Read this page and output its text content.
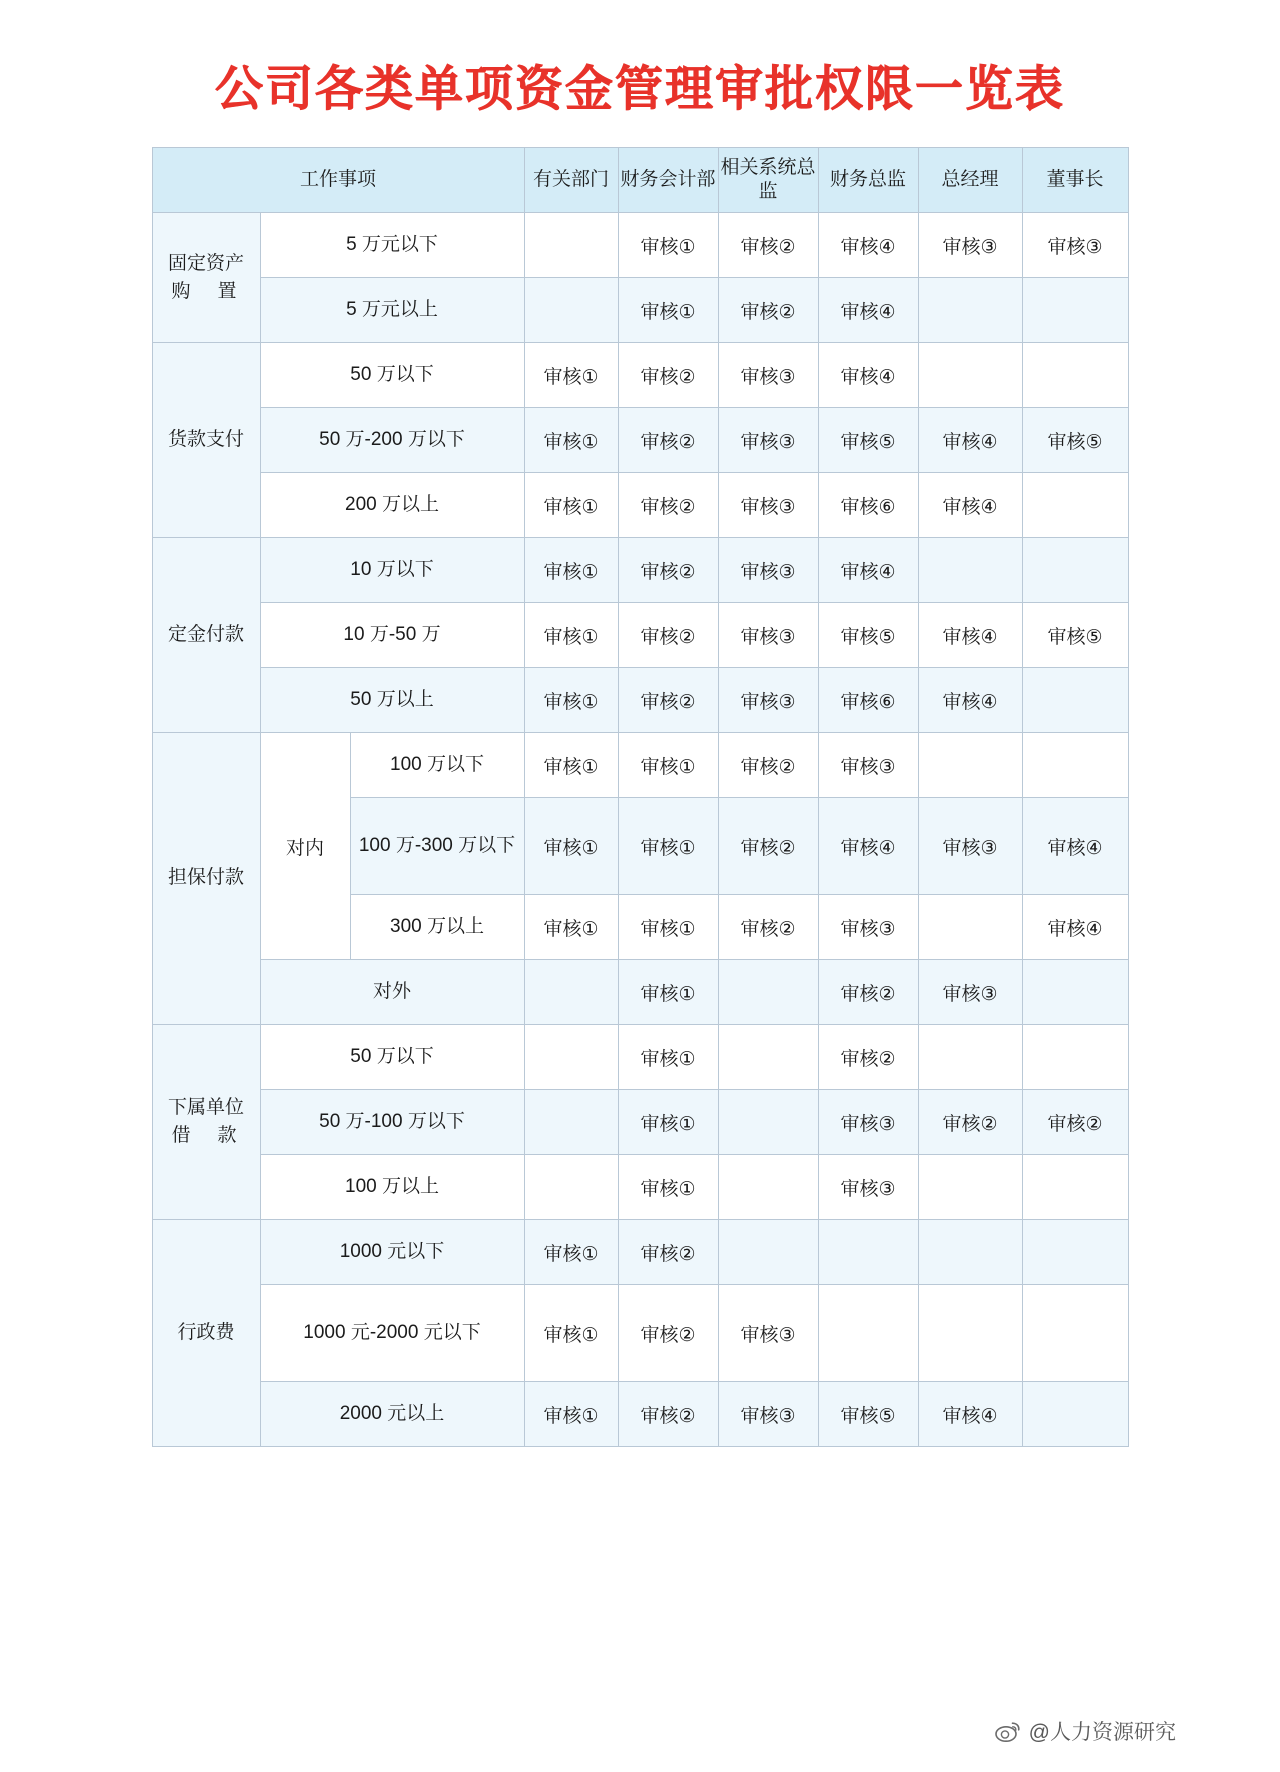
公司各类单项资金管理审批权限一览表
工作事项			有关部门	财务会计部	相关系统总监	财务总监	总经理	董事长

固定资产
购　置	5 万元以下			审核①	审核②	审核④	审核③	审核③
	5 万元以上			审核①	审核②	审核④		
货款支付	50 万以下		审核①	审核②	审核③	审核④		
	50 万-200 万以下		审核①	审核②	审核③	审核⑤	审核④	审核⑤
	200 万以上		审核①	审核②	审核③	审核⑥	审核④	
定金付款	10 万以下		审核①	审核②	审核③	审核④		
	10 万-50 万		审核①	审核②	审核③	审核⑤	审核④	审核⑤
	50 万以上		审核①	审核②	审核③	审核⑥	审核④	
担保付款	对内	100 万以下	审核①	审核①	审核②	审核③		
		100 万-300 万以下	审核①	审核①	审核②	审核④	审核③	审核④
		300 万以上	审核①	审核①	审核②	审核③		审核④
	对外			审核①		审核②	审核③	

下属单位
借　款	50 万以下			审核①		审核②		
	50 万-100 万以下			审核①		审核③	审核②	审核②
	100 万以上			审核①		审核③		
行政费	1000 元以下		审核①	审核②				
	1000 元-2000 元以下		审核①	审核②	审核③			
	2000 元以上		审核①	审核②	审核③	审核⑤	审核④	
@人力资源研究
